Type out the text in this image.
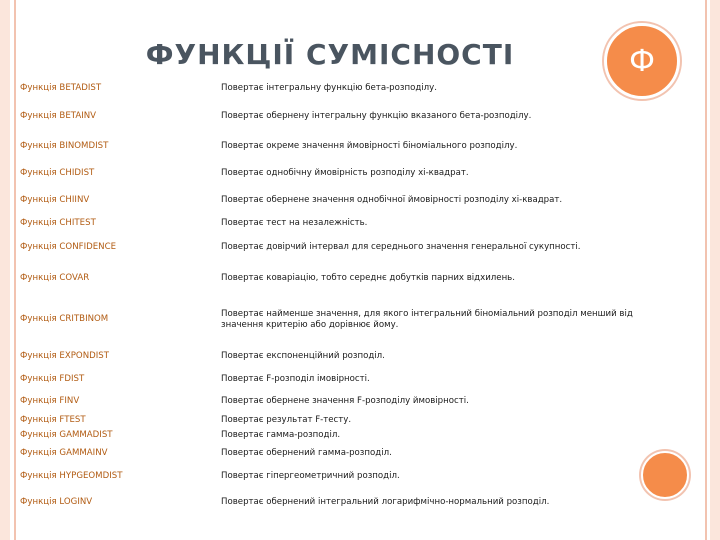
ФУНКЦІЇ СУМІСНОСТІ	Ф
Функція BETADIST	Повертає інтегральну функцію бета-розподілу.
Функція BETAINV	Повертає обернену інтегральну функцію вказаного бета-розподілу.
Функція BINOMDIST	Повертає окреме значення ймовірності біноміального розподілу.
Функція CHIDIST	Повертає однобічну ймовірність розподілу хі-квадрат.
Функція CHIINV	Повертає обернене значення однобічної ймовірності розподілу хі-квадрат.
Функція CHITEST	Повертає тест на незалежність.
Функція CONFIDENCE	Повертає довірчий інтервал для середнього значення генеральної сукупності.
Функція COVAR	Повертає коваріацію, тобто середнє добутків парних відхилень.
Функція CRITBINOM	Повертає найменше значення, для якого інтегральний біноміальний розподіл менший від значення критерію або дорівнює йому.
Функція EXPONDIST	Повертає експоненційний розподіл.
Функція FDIST	Повертає F-розподіл імовірності.
Функція FINV	Повертає обернене значення F-розподілу ймовірності.
Функція FTEST	Повертає результат F-тесту.
Функція GAMMADIST	Повертає гамма-розподіл.
Функція GAMMAINV	Повертає обернений гамма-розподіл.
Функція HYPGEOMDIST	Повертає гіпергеометричний розподіл.
Функція LOGINV	Повертає обернений інтегральний логарифмічно-нормальний розподіл.
